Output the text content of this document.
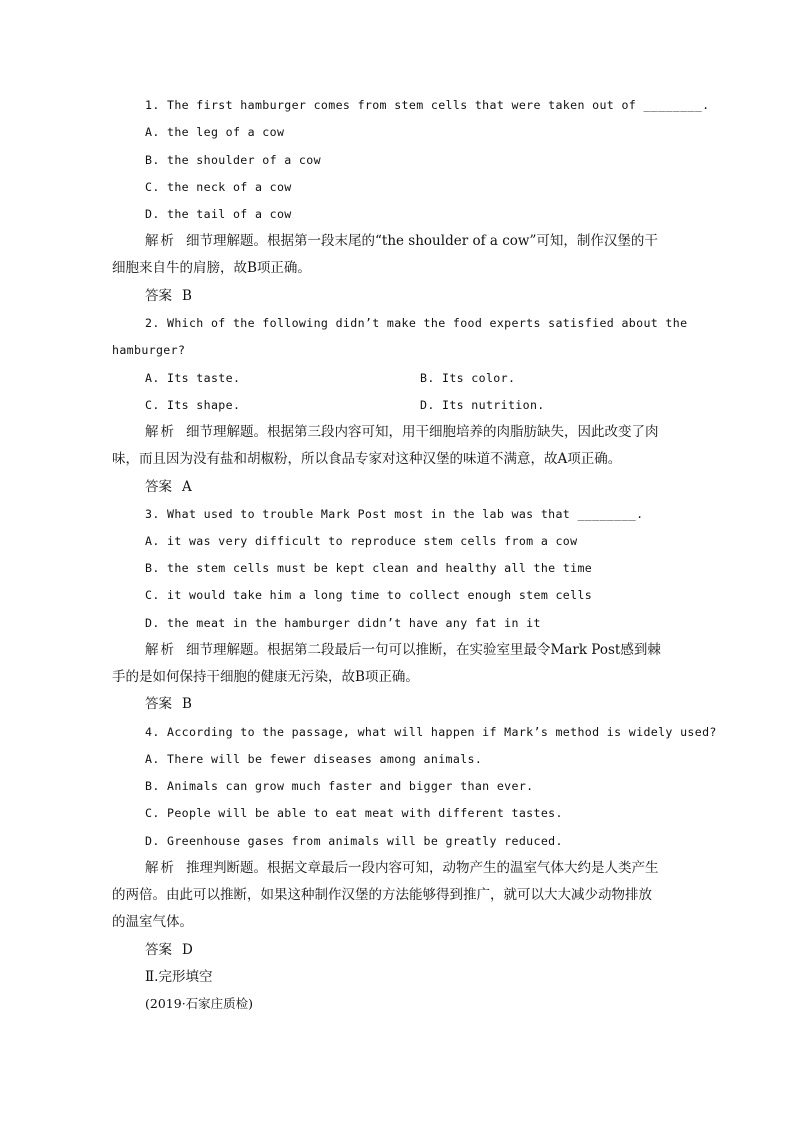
1. The first hamburger comes from stem cells that were taken out of ________.
A. the leg of a cow
B. the shoulder of a cow
C. the neck of a cow
D. the tail of a cow
解析 细节理解题。根据第一段末尾的“the shoulder of a cow”可知，制作汉堡的干
细胞来自牛的肩膀，故B项正确。
答案 B
2. Which of the following didn’t make the food experts satisfied about the
hamburger?
A. Its taste.	B. Its color.
C. Its shape.	D. Its nutrition.
解析 细节理解题。根据第三段内容可知，用干细胞培养的肉脂肪缺失，因此改变了肉
味，而且因为没有盐和胡椒粉，所以食品专家对这种汉堡的味道不满意，故A项正确。
答案 A
3. What used to trouble Mark Post most in the lab was that ________.
A. it was very difficult to reproduce stem cells from a cow
B. the stem cells must be kept clean and healthy all the time
C. it would take him a long time to collect enough stem cells
D. the meat in the hamburger didn’t have any fat in it
解析 细节理解题。根据第二段最后一句可以推断，在实验室里最令Mark Post感到棘
手的是如何保持干细胞的健康无污染，故B项正确。
答案 B
4. According to the passage, what will happen if Mark’s method is widely used?
A. There will be fewer diseases among animals.
B. Animals can grow much faster and bigger than ever.
C. People will be able to eat meat with different tastes.
D. Greenhouse gases from animals will be greatly reduced.
解析 推理判断题。根据文章最后一段内容可知，动物产生的温室气体大约是人类产生
的两倍。由此可以推断，如果这种制作汉堡的方法能够得到推广，就可以大大减少动物排放
的温室气体。
答案 D
Ⅱ.完形填空
(2019·石家庄质检)
